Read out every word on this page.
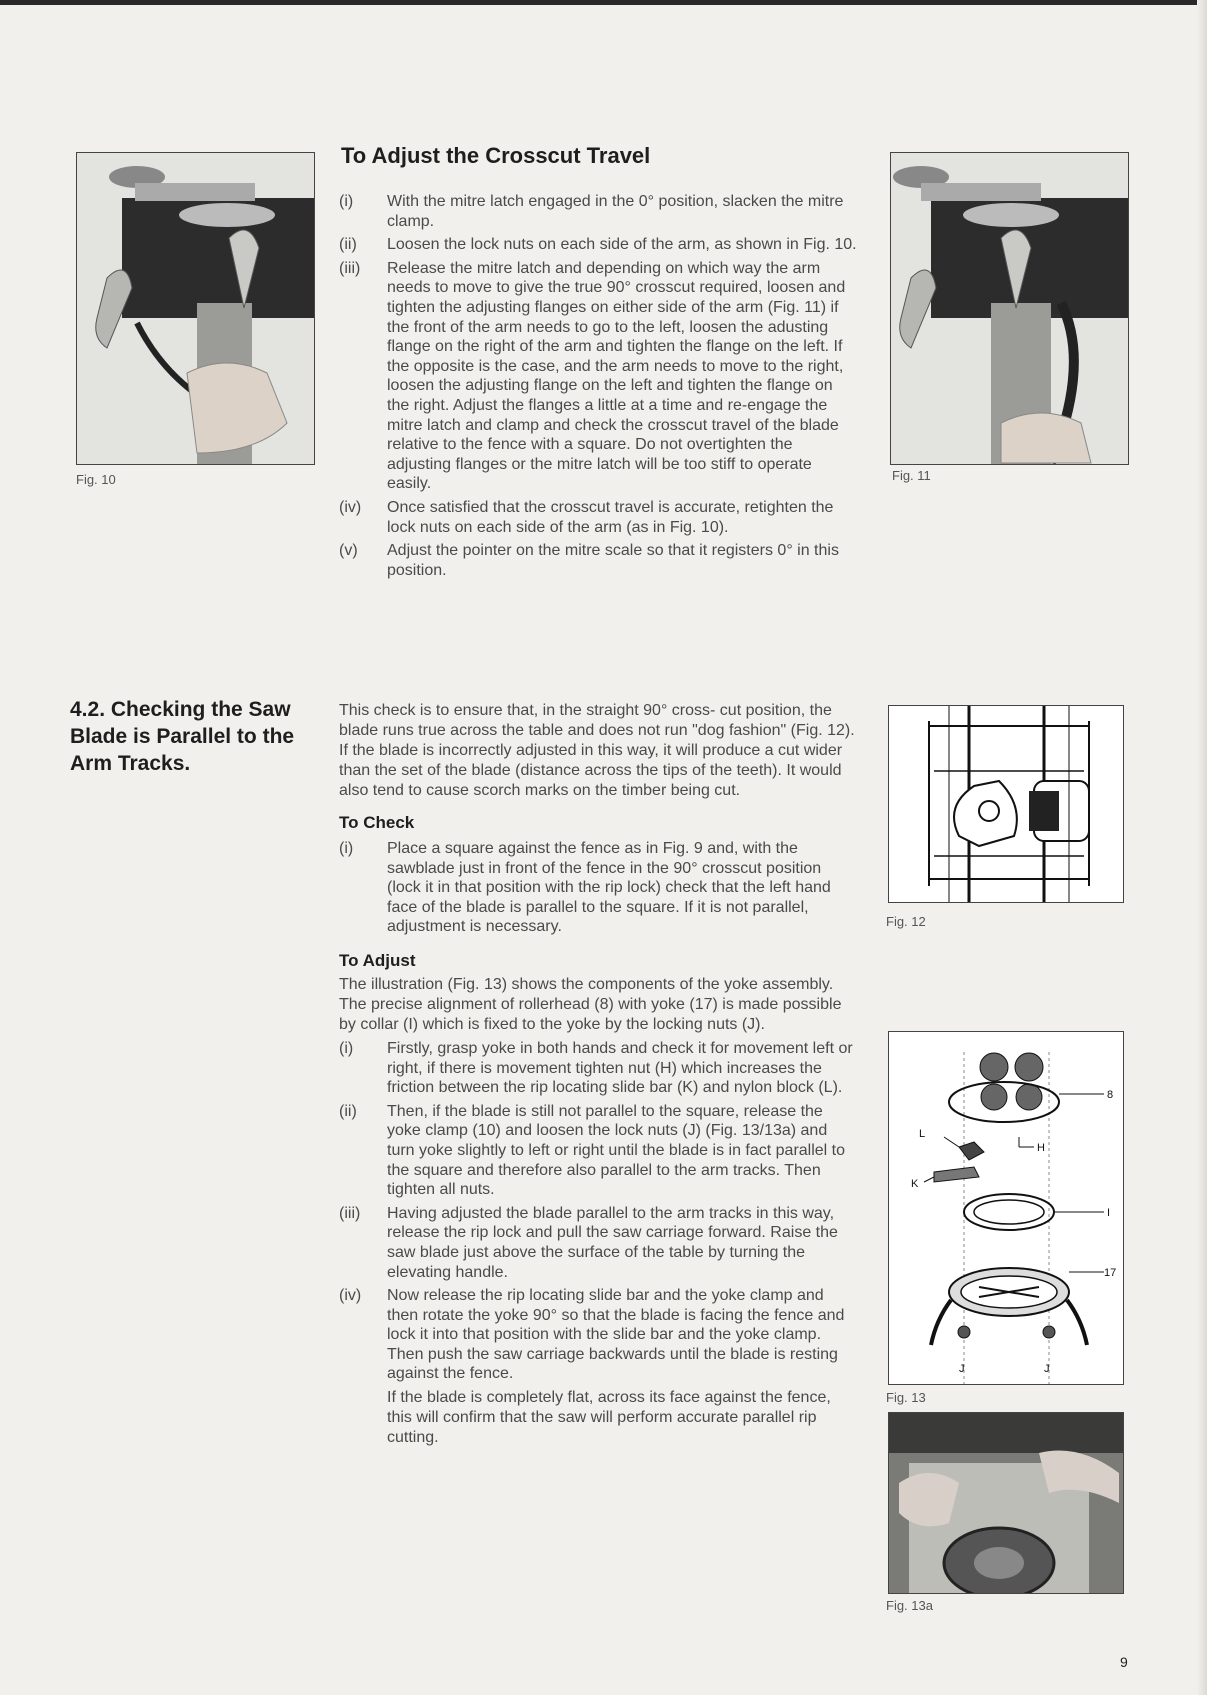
Fig. 10	Fig. 11
To Adjust the Crosscut Travel
(i)	With the mitre latch engaged in the 0° position, slacken the mitre clamp.
(ii)	Loosen the lock nuts on each side of the arm, as shown in Fig. 10.
(iii)	Release the mitre latch and depending on which way the arm needs to move to give the true 90° crosscut required, loosen and tighten the adjusting flanges on either side of the arm (Fig. 11) if the front of the arm needs to go to the left, loosen the adusting flange on the right of the arm and tighten the flange on the left. If the opposite is the case, and the arm needs to move to the right, loosen the adjusting flange on the left and tighten the flange on the right. Adjust the flanges a little at a time and re-engage the mitre latch and clamp and check the crosscut travel of the blade relative to the fence with a square. Do not overtighten the adjusting flanges or the mitre latch will be too stiff to operate easily.
(iv)	Once satisfied that the crosscut travel is accurate, retighten the lock nuts on each side of the arm (as in Fig. 10).
(v)	Adjust the pointer on the mitre scale so that it registers 0° in this position.
4.2. Checking the Saw Blade is Parallel to the Arm Tracks.

This check is to ensure that, in the straight 90° cross- cut position, the blade runs true across the table and does not run "dog fashion" (Fig. 12). If the blade is incorrectly adjusted in this way, it will produce a cut wider than the set of the blade (distance across the tips of the teeth). It would also tend to cause scorch marks on the timber being cut.

To Check

(i)	Place a square against the fence as in Fig. 9 and, with the sawblade just in front of the fence in the 90° crosscut position (lock it in that position with the rip lock) check that the left hand face of the blade is parallel to the square. If it is not parallel, adjustment is necessary.

To Adjust

The illustration (Fig. 13) shows the components of the yoke assembly. The precise alignment of rollerhead (8) with yoke (17) is made possible by collar (I) which is fixed to the yoke by the locking nuts (J).

(i)	Firstly, grasp yoke in both hands and check it for movement left or right, if there is movement tighten nut (H) which increases the friction between the rip locating slide bar (K) and nylon block (L).
(ii)	Then, if the blade is still not parallel to the square, release the yoke clamp (10) and loosen the lock nuts (J) (Fig. 13/13a) and turn yoke slightly to left or right until the blade is in fact parallel to the square and therefore also parallel to the arm tracks. Then tighten all nuts.
(iii)	Having adjusted the blade parallel to the arm tracks in this way, release the rip lock and pull the saw carriage forward. Raise the saw blade just above the surface of the table by turning the elevating handle.
(iv)	Now release the rip locating slide bar and the yoke clamp and then rotate the yoke 90° so that the blade is facing the fence and lock it into that position with the slide bar and the yoke clamp. Then push the saw carriage backwards until the blade is resting against the fence.

If the blade is completely flat, across its face against the fence, this will confirm that the saw will perform accurate parallel rip cutting.

Fig. 12
8
L
H
K
I
17
J	J
Fig. 13
Fig. 13a
9
